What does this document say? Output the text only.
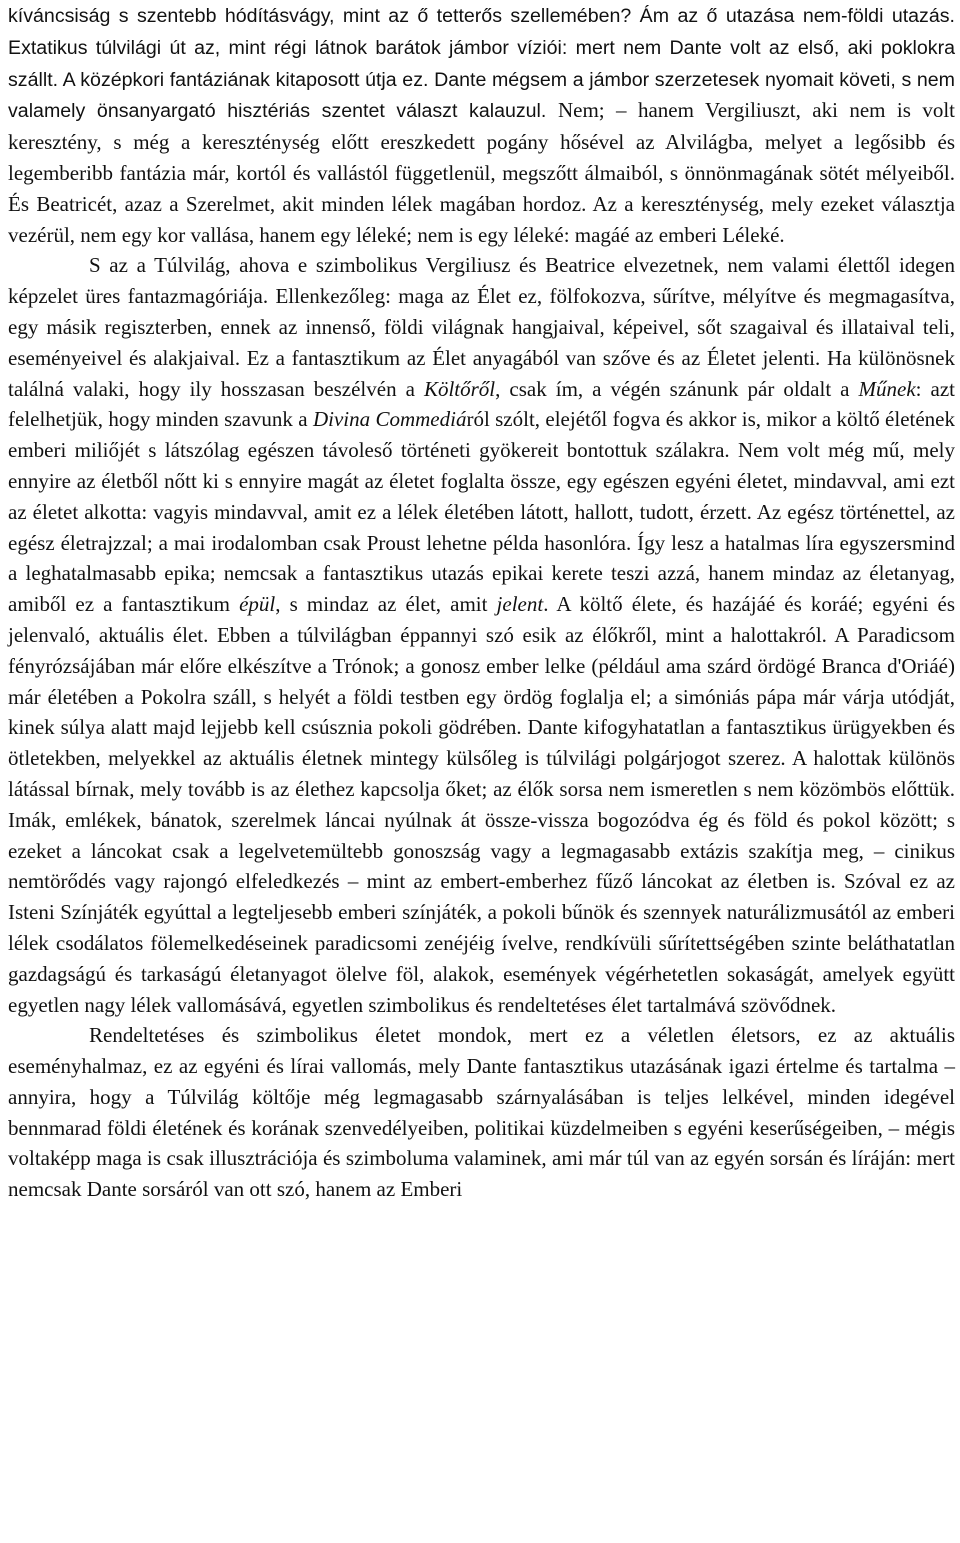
kíváncsiság s szentebb hódításvágy, mint az ő tetterős szellemében? Ám az ő utazása nem-földi utazás. Extatikus túlvilági út az, mint régi látnok barátok jámbor víziói: mert nem Dante volt az első, aki poklokra szállt. A középkori fantáziának kitaposott útja ez. Dante mégsem a jámbor szerzetesek nyomait követi, s nem valamely önsanyargató hisztériás szentet választ kalauzul. Nem; – hanem Vergiliuszt, aki nem is volt keresztény, s még a kereszténység előtt ereszkedett pogány hősével az Alvilágba, melyet a legősibb és legemberibb fantázia már, kortól és vallástól függetlenül, megszőtt álmaiból, s önnönmagának sötét mélyeiből. És Beatricét, azaz a Szerelmet, akit minden lélek magában hordoz. Az a kereszténység, mely ezeket választja vezérül, nem egy kor vallása, hanem egy léleké; nem is egy léleké: magáé az emberi Léleké.

S az a Túlvilág, ahova e szimbolikus Vergiliusz és Beatrice elvezetnek, nem valami élettől idegen képzelet üres fantazmagóriája. Ellenkezőleg: maga az Élet ez, fölfokozva, sűrítve, mélyítve és megmagasítva, egy másik regiszterben, ennek az innenső, földi világnak hangjaival, képeivel, sőt szagaival és illataival teli, eseményeivel és alakjaival. Ez a fantasztikum az Élet anyagából van szőve és az Életet jelenti. Ha különösnek találná valaki, hogy ily hosszasan beszélvén a Költőről, csak ím, a végén szánunk pár oldalt a Műnek: azt felelhetjük, hogy minden szavunk a Divina Commediáról szólt, elejétől fogva és akkor is, mikor a költő életének emberi miliőjét s látszólag egészen távoleső történeti gyökereit bontottuk szálakra. Nem volt még mű, mely ennyire az életből nőtt ki s ennyire magát az életet foglalta össze, egy egészen egyéni életet, mindavval, ami ezt az életet alkotta: vagyis mindavval, amit ez a lélek életében látott, hallott, tudott, érzett. Az egész történettel, az egész életrajzzal; a mai irodalomban csak Proust lehetne példa hasonlóra. Így lesz a hatalmas líra egyszersmind a leghatalmasabb epika; nemcsak a fantasztikus utazás epikai kerete teszi azzá, hanem mindaz az életanyag, amiből ez a fantasztikum épül, s mindaz az élet, amit jelent. A költő élete, és hazájáé és koráé; egyéni és jelenvaló, aktuális élet. Ebben a túlvilágban éppannyi szó esik az élőkről, mint a halottakról. A Paradicsom fényrózsájában már előre elkészítve a Trónok; a gonosz ember lelke (például ama szárd ördögé Branca d'Oriáé) már életében a Pokolra száll, s helyét a földi testben egy ördög foglalja el; a simóniás pápa már várja utódját, kinek súlya alatt majd lejjebb kell csúsznia pokoli gödrében. Dante kifogyhatatlan a fantasztikus ürügyekben és ötletekben, melyekkel az aktuális életnek mintegy külsőleg is túlvilági polgárjogot szerez. A halottak különös látással bírnak, mely tovább is az élethez kapcsolja őket; az élők sorsa nem ismeretlen s nem közömbös előttük. Imák, emlékek, bánatok, szerelmek láncai nyúlnak át össze-vissza bogozódva ég és föld és pokol között; s ezeket a láncokat csak a legelvetemültebb gonoszság vagy a legmagasabb extázis szakítja meg, – cinikus nemtörődés vagy rajongó elfeledkezés – mint az embert-emberhez fűző láncokat az életben is. Szóval ez az Isteni Színjáték egyúttal a legteljesebb emberi színjáték, a pokoli bűnök és szennyek naturálizmusától az emberi lélek csodálatos fölemelkedéseinek paradicsomi zenéjéig ívelve, rendkívüli sűrítettségében szinte beláthatatlan gazdagságú és tarkaságú életanyagot ölelve föl, alakok, események végérhetetlen sokaságát, amelyek együtt egyetlen nagy lélek vallomásává, egyetlen szimbolikus és rendeltetéses élet tartalmává szövődnek.

Rendeltetéses és szimbolikus életet mondok, mert ez a véletlen életsors, ez az aktuális eseményhalmaz, ez az egyéni és lírai vallomás, mely Dante fantasztikus utazásának igazi értelme és tartalma – annyira, hogy a Túlvilág költője még legmagasabb szárnyalásában is teljes lelkével, minden idegével bennmarad földi életének és korának szenvedélyeiben, politikai küzdelmeiben s egyéni keserűségeiben, – mégis voltaképp maga is csak illusztrációja és szimboluma valaminek, ami már túl van az egyén sorsán és líráján: mert nemcsak Dante sorsáról van ott szó, hanem az Emberi
